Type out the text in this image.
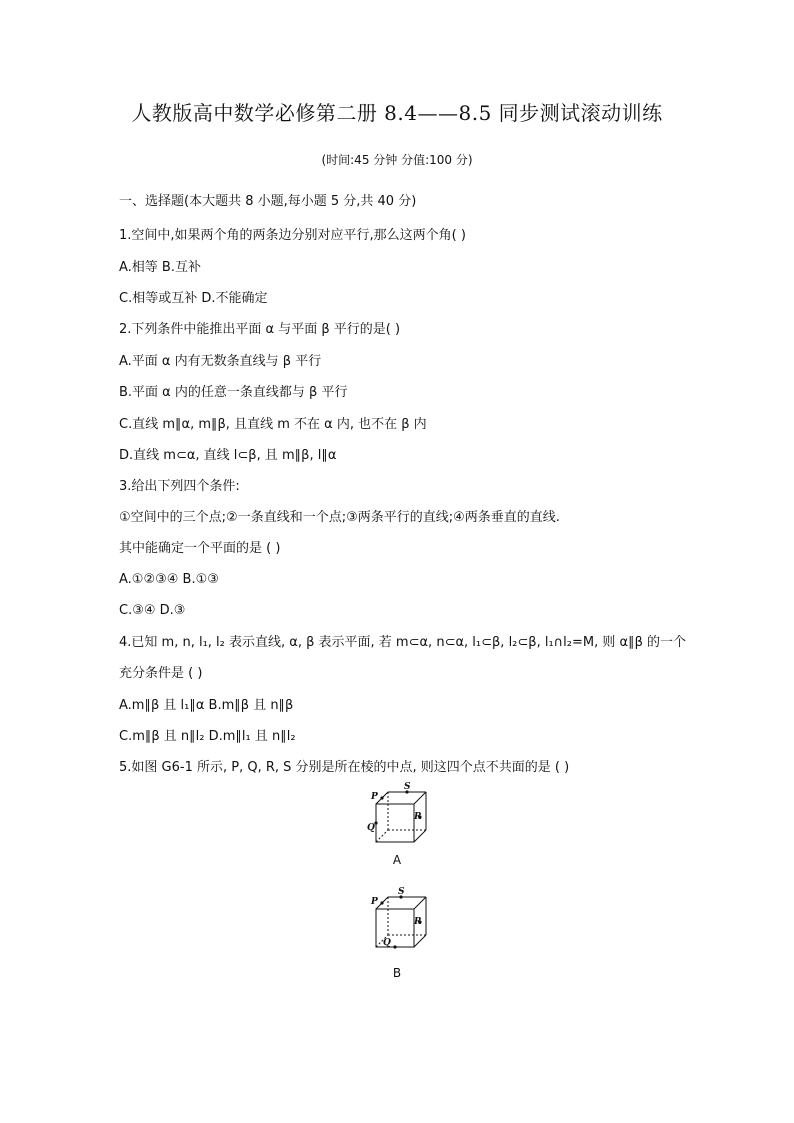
人教版高中数学必修第二册 8.4——8.5 同步测试滚动训练
(时间:45 分钟 分值:100 分)
一、选择题(本大题共 8 小题,每小题 5 分,共 40 分)
1.空间中,如果两个角的两条边分别对应平行,那么这两个角( )
A.相等 B.互补
C.相等或互补 D.不能确定
2.下列条件中能推出平面 α 与平面 β 平行的是( )
A.平面 α 内有无数条直线与 β 平行
B.平面 α 内的任意一条直线都与 β 平行
C.直线 m∥α, m∥β, 且直线 m 不在 α 内, 也不在 β 内
D.直线 m⊂α, 直线 l⊂β, 且 m∥β, l∥α
3.给出下列四个条件:
①空间中的三个点;②一条直线和一个点;③两条平行的直线;④两条垂直的直线.
其中能确定一个平面的是 ( )
A.①②③④ B.①③
C.③④ D.③
4.已知 m, n, l₁, l₂ 表示直线, α, β 表示平面, 若 m⊂α, n⊂α, l₁⊂β, l₂⊂β, l₁∩l₂=M, 则 α∥β 的一个
充分条件是 ( )
A.m∥β 且 l₁∥α B.m∥β 且 n∥β
C.m∥β 且 n∥l₂ D.m∥l₁ 且 n∥l₂
5.如图 G6-1 所示, P, Q, R, S 分别是所在棱的中点, 则这四个点不共面的是 ( )
S
P
Q
R
A
S
P
Q
R
B
